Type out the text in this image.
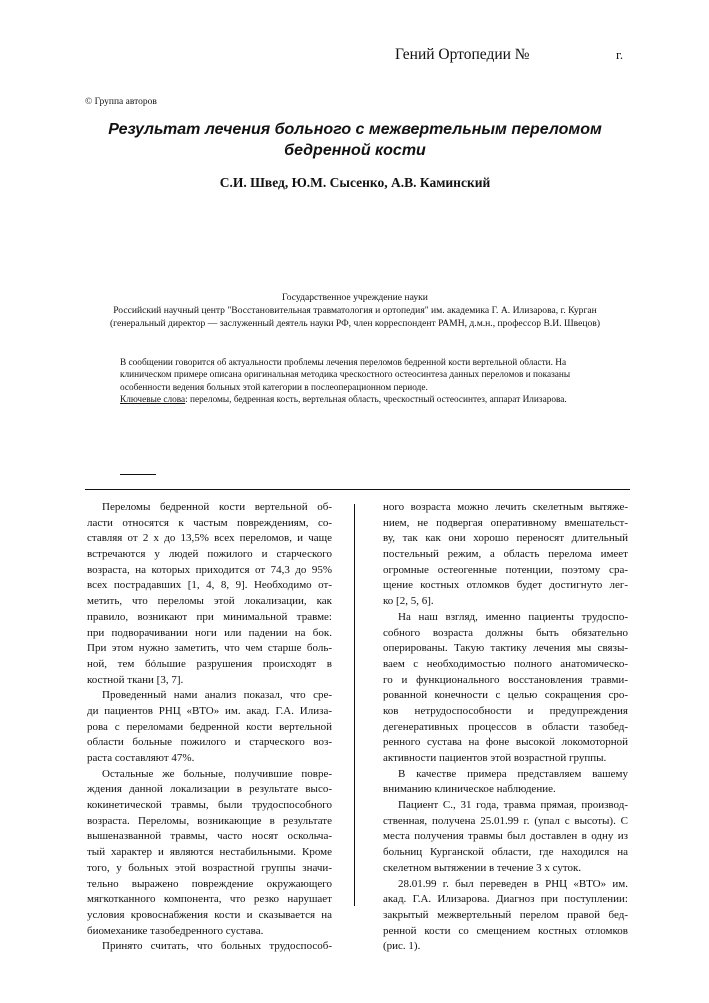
Гений Ортопедии №	г.
© Группа авторов
Результат лечения больного с межвертельным переломом
бедренной кости
С.И. Швед, Ю.М. Сысенко, А.В. Каминский
Государственное учреждение науки
Российский научный центр "Восстановительная травматология и ортопедия" им. академика Г. А. Илизарова, г. Курган
(генеральный директор — заслуженный деятель науки РФ, член корреспондент РАМН, д.м.н., профессор В.И. Швецов)
В сообщении говорится об актуальности проблемы лечения переломов бедренной кости вертельной области. На
клиническом примере описана оригинальная методика чрескостного остеосинтеза данных переломов и показаны
особенности ведения больных этой категории в послеоперационном периоде.
Ключевые слова: переломы, бедренная кость, вертельная область, чрескостный остеосинтез, аппарат Илизарова.
Переломы бедренной кости вертельной об-
ласти относятся к частым повреждениям, со-
ставляя от 2 х до 13,5% всех переломов, и чаще
встречаются у людей пожилого и старческого
возраста, на которых приходится от 74,3 до 95%
всех пострадавших [1, 4, 8, 9]. Необходимо от-
метить, что переломы этой локализации, как
правило, возникают при минимальной травме:
при подворачивании ноги или падении на бок.
При этом нужно заметить, что чем старше боль-
ной, тем бóльшие разрушения происходят в
костной ткани [3, 7].
Проведенный нами анализ показал, что сре-
ди пациентов РНЦ «ВТО» им. акад. Г.А. Илиза-
рова с переломами бедренной кости вертельной
области больные пожилого и старческого воз-
раста составляют 47%.
Остальные же больные, получившие повре-
ждения данной локализации в результате высо-
кокинетической травмы, были трудоспособного
возраста. Переломы, возникающие в результате
вышеназванной травмы, часто носят оскольча-
тый характер и являются нестабильными. Кроме
того, у больных этой возрастной группы значи-
тельно выражено повреждение окружающего
мягкотканного компонента, что резко нарушает
условия кровоснабжения кости и сказывается на
биомеханике тазобедренного сустава.
Принято считать, что больных трудоспособ-
ного возраста можно лечить скелетным вытяже-
нием, не подвергая оперативному вмешательст-
ву, так как они хорошо переносят длительный
постельный режим, а область перелома имеет
огромные остеогенные потенции, поэтому сра-
щение костных отломков будет достигнуто лег-
ко [2, 5, 6].
На наш взгляд, именно пациенты трудоспо-
собного возраста должны быть обязательно
оперированы. Такую тактику лечения мы связы-
ваем с необходимостью полного анатомическо-
го и функционального восстановления травми-
рованной конечности с целью сокращения сро-
ков нетрудоспособности и предупреждения
дегенеративных процессов в области тазобед-
ренного сустава на фоне высокой локомоторной
активности пациентов этой возрастной группы.
В качестве примера представляем вашему
вниманию клиническое наблюдение.
Пациент С., 31 года, травма прямая, производ-
ственная, получена 25.01.99 г. (упал с высоты). С
места получения травмы был доставлен в одну из
больниц Курганской области, где находился на
скелетном вытяжении в течение 3 х суток.
28.01.99 г. был переведен в РНЦ «ВТО» им.
акад. Г.А. Илизарова. Диагноз при поступлении:
закрытый межвертельный перелом правой бед-
ренной кости со смещением костных отломков
(рис. 1).
